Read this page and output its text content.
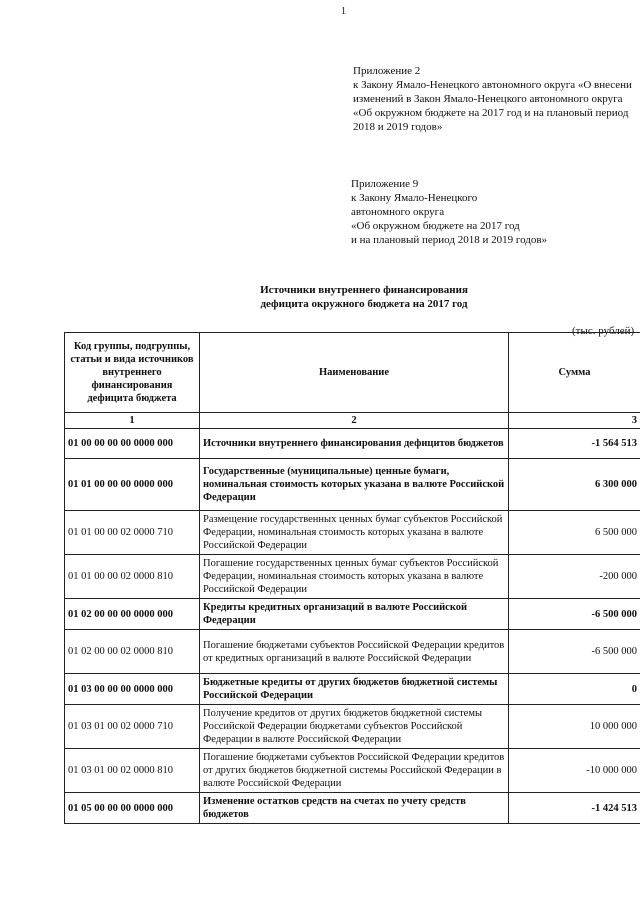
1
Приложение 2
к Закону Ямало-Ненецкого автономного округа «О внесени
изменений в Закон Ямало-Ненецкого автономного округа
«Об окружном бюджете на 2017 год и на плановый период
2018 и 2019 годов»
Приложение 9
к Закону Ямало-Ненецкого
автономного округа
«Об окружном бюджете на 2017 год
и на плановый период 2018 и 2019 годов»
Источники внутреннего финансирования дефицита окружного бюджета на 2017 год
(тыс. рублей)
Код группы, подгруппы, статьи и вида источников внутреннего финансирования дефицита бюджета	Наименование	Сумма
1	2	3
01 00 00 00 00 0000 000	Источники внутреннего финансирования дефицитов бюджетов	-1 564 513
01 01 00 00 00 0000 000	Государственные (муниципальные) ценные бумаги, номинальная стоимость которых указана в валюте Российской Федерации	6 300 000
01 01 00 00 02 0000 710	Размещение государственных ценных бумаг субъектов Российской Федерации, номинальная стоимость которых указана в валюте Российской Федерации	6 500 000
01 01 00 00 02 0000 810	Погашение государственных ценных бумаг субъектов Российской Федерации, номинальная стоимость которых указана в валюте Российской Федерации	-200 000
01 02 00 00 00 0000 000	Кредиты кредитных организаций в валюте Российской Федерации	-6 500 000
01 02 00 00 02 0000 810	Погашение бюджетами субъектов Российской Федерации кредитов от кредитных организаций в валюте Российской Федерации	-6 500 000
01 03 00 00 00 0000 000	Бюджетные кредиты от других бюджетов бюджетной системы Российской Федерации	0
01 03 01 00 02 0000 710	Получение кредитов от других бюджетов бюджетной системы Российской Федерации бюджетами субъектов Российской Федерации в валюте Российской Федерации	10 000 000
01 03 01 00 02 0000 810	Погашение бюджетами субъектов Российской Федерации кредитов от других бюджетов бюджетной системы Российской Федерации в валюте Российской Федерации	-10 000 000
01 05 00 00 00 0000 000	Изменение остатков средств на счетах по учету средств бюджетов	-1 424 513
